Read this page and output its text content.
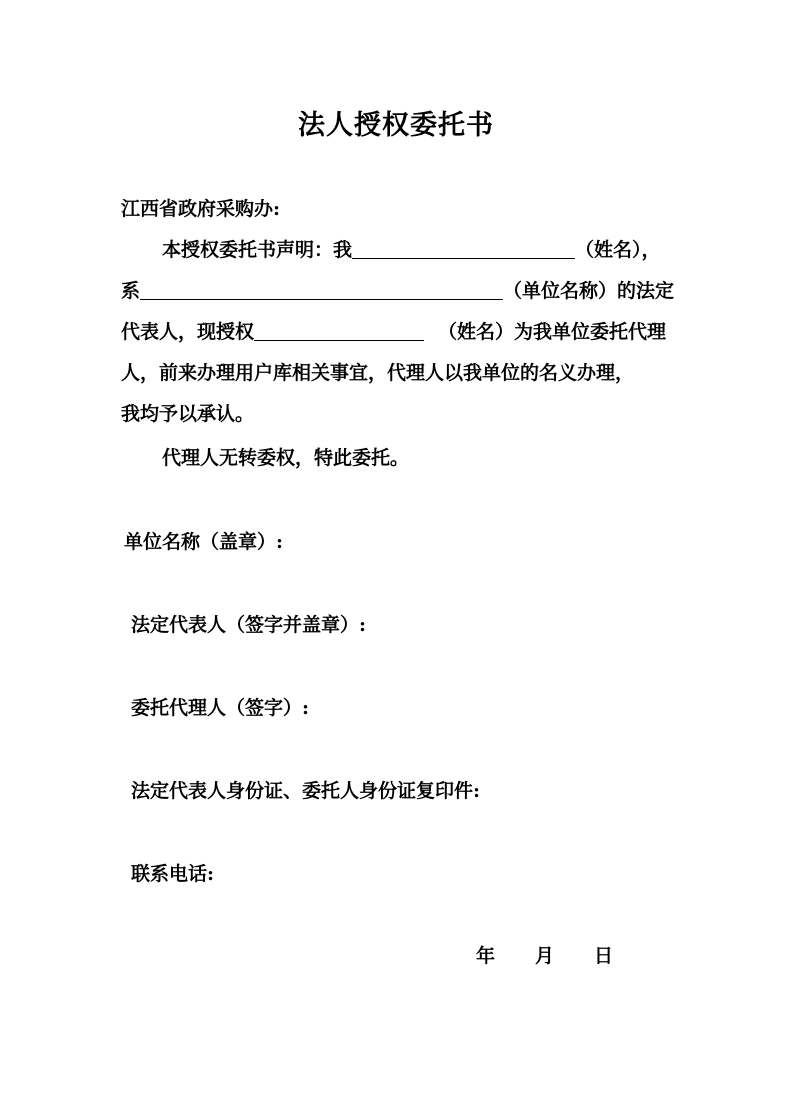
法人授权委托书
江西省政府采购办:
本授权委托书声明：我	（姓名），
系	（单位名称）的法定
代表人，现授权	（姓名）为我单位委托代理
人，前来办理用户库相关事宜，代理人以我单位的名义办理，
我均予以承认。
代理人无转委权，特此委托。
单位名称（盖章）:
法定代表人（签字并盖章）:
委托代理人（签字）:
法定代表人身份证、委托人身份证复印件:
联系电话:
年 月 日
